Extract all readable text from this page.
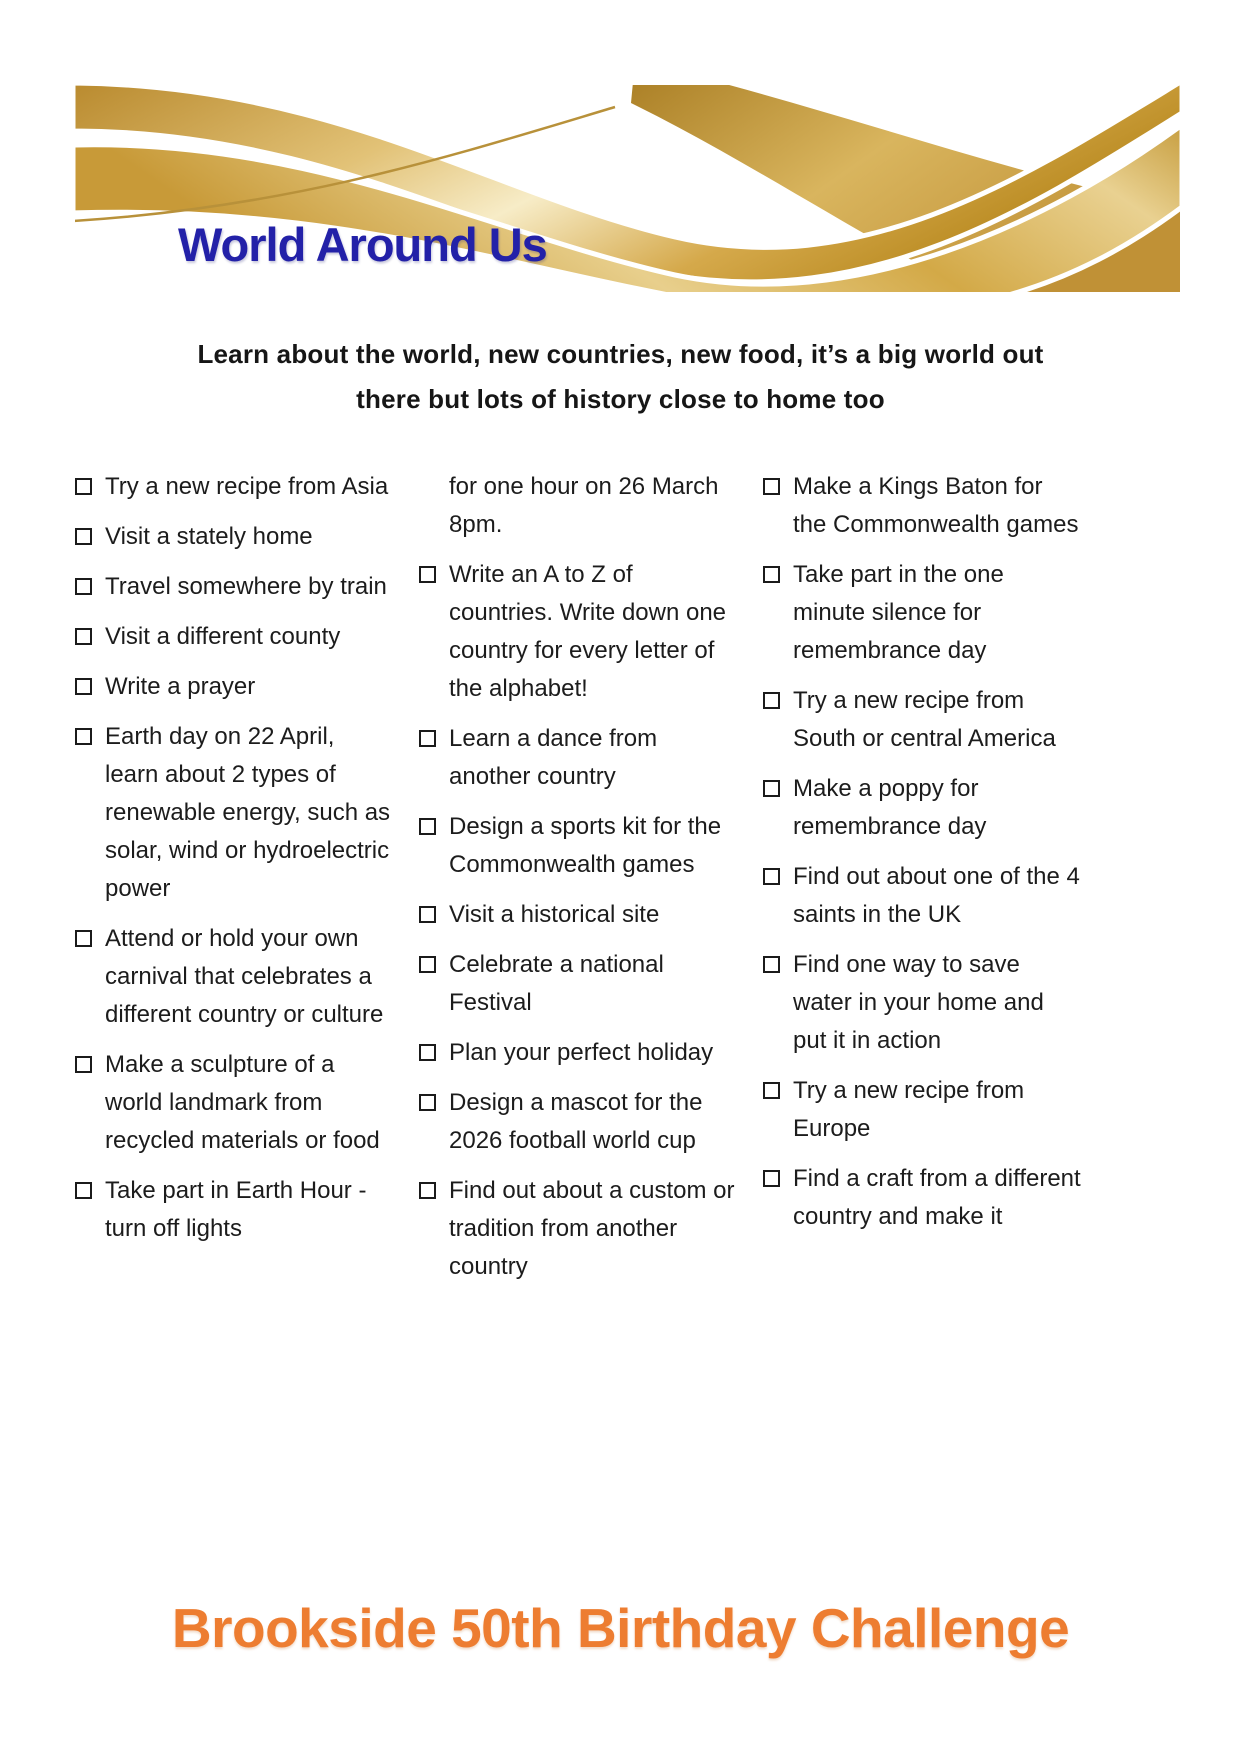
World Around Us
Learn about the world, new countries, new food, it’s a big world out
there but lots of history close to home too
Try a new recipe from Asia
Visit a stately home
Travel somewhere by train
Visit a different county
Write a prayer
Earth day on 22 April, learn about 2 types of renewable energy, such as solar, wind or hydroelectric power
Attend or hold your own carnival that celebrates a different country or culture
Make a sculpture of a world landmark from recycled materials or food
Take part in Earth Hour - turn off lights
for one hour on 26 March 8pm.
Write an A to Z of countries. Write down one country for every letter of the alphabet!
Learn a dance from another country
Design a sports kit for the Commonwealth games
Visit a historical site
Celebrate a national Festival
Plan your perfect holiday
Design a mascot for the 2026 football world cup
Find out about a custom or tradition from another country
Make a Kings Baton for the Commonwealth games
Take part in the one minute silence for remembrance day
Try a new recipe from South or central America
Make a poppy for remembrance day
Find out about one of the 4 saints in the UK
Find one way to save water in your home and put it in action
Try a new recipe from Europe
Find a craft from a different country and make it
Brookside 50th Birthday Challenge
